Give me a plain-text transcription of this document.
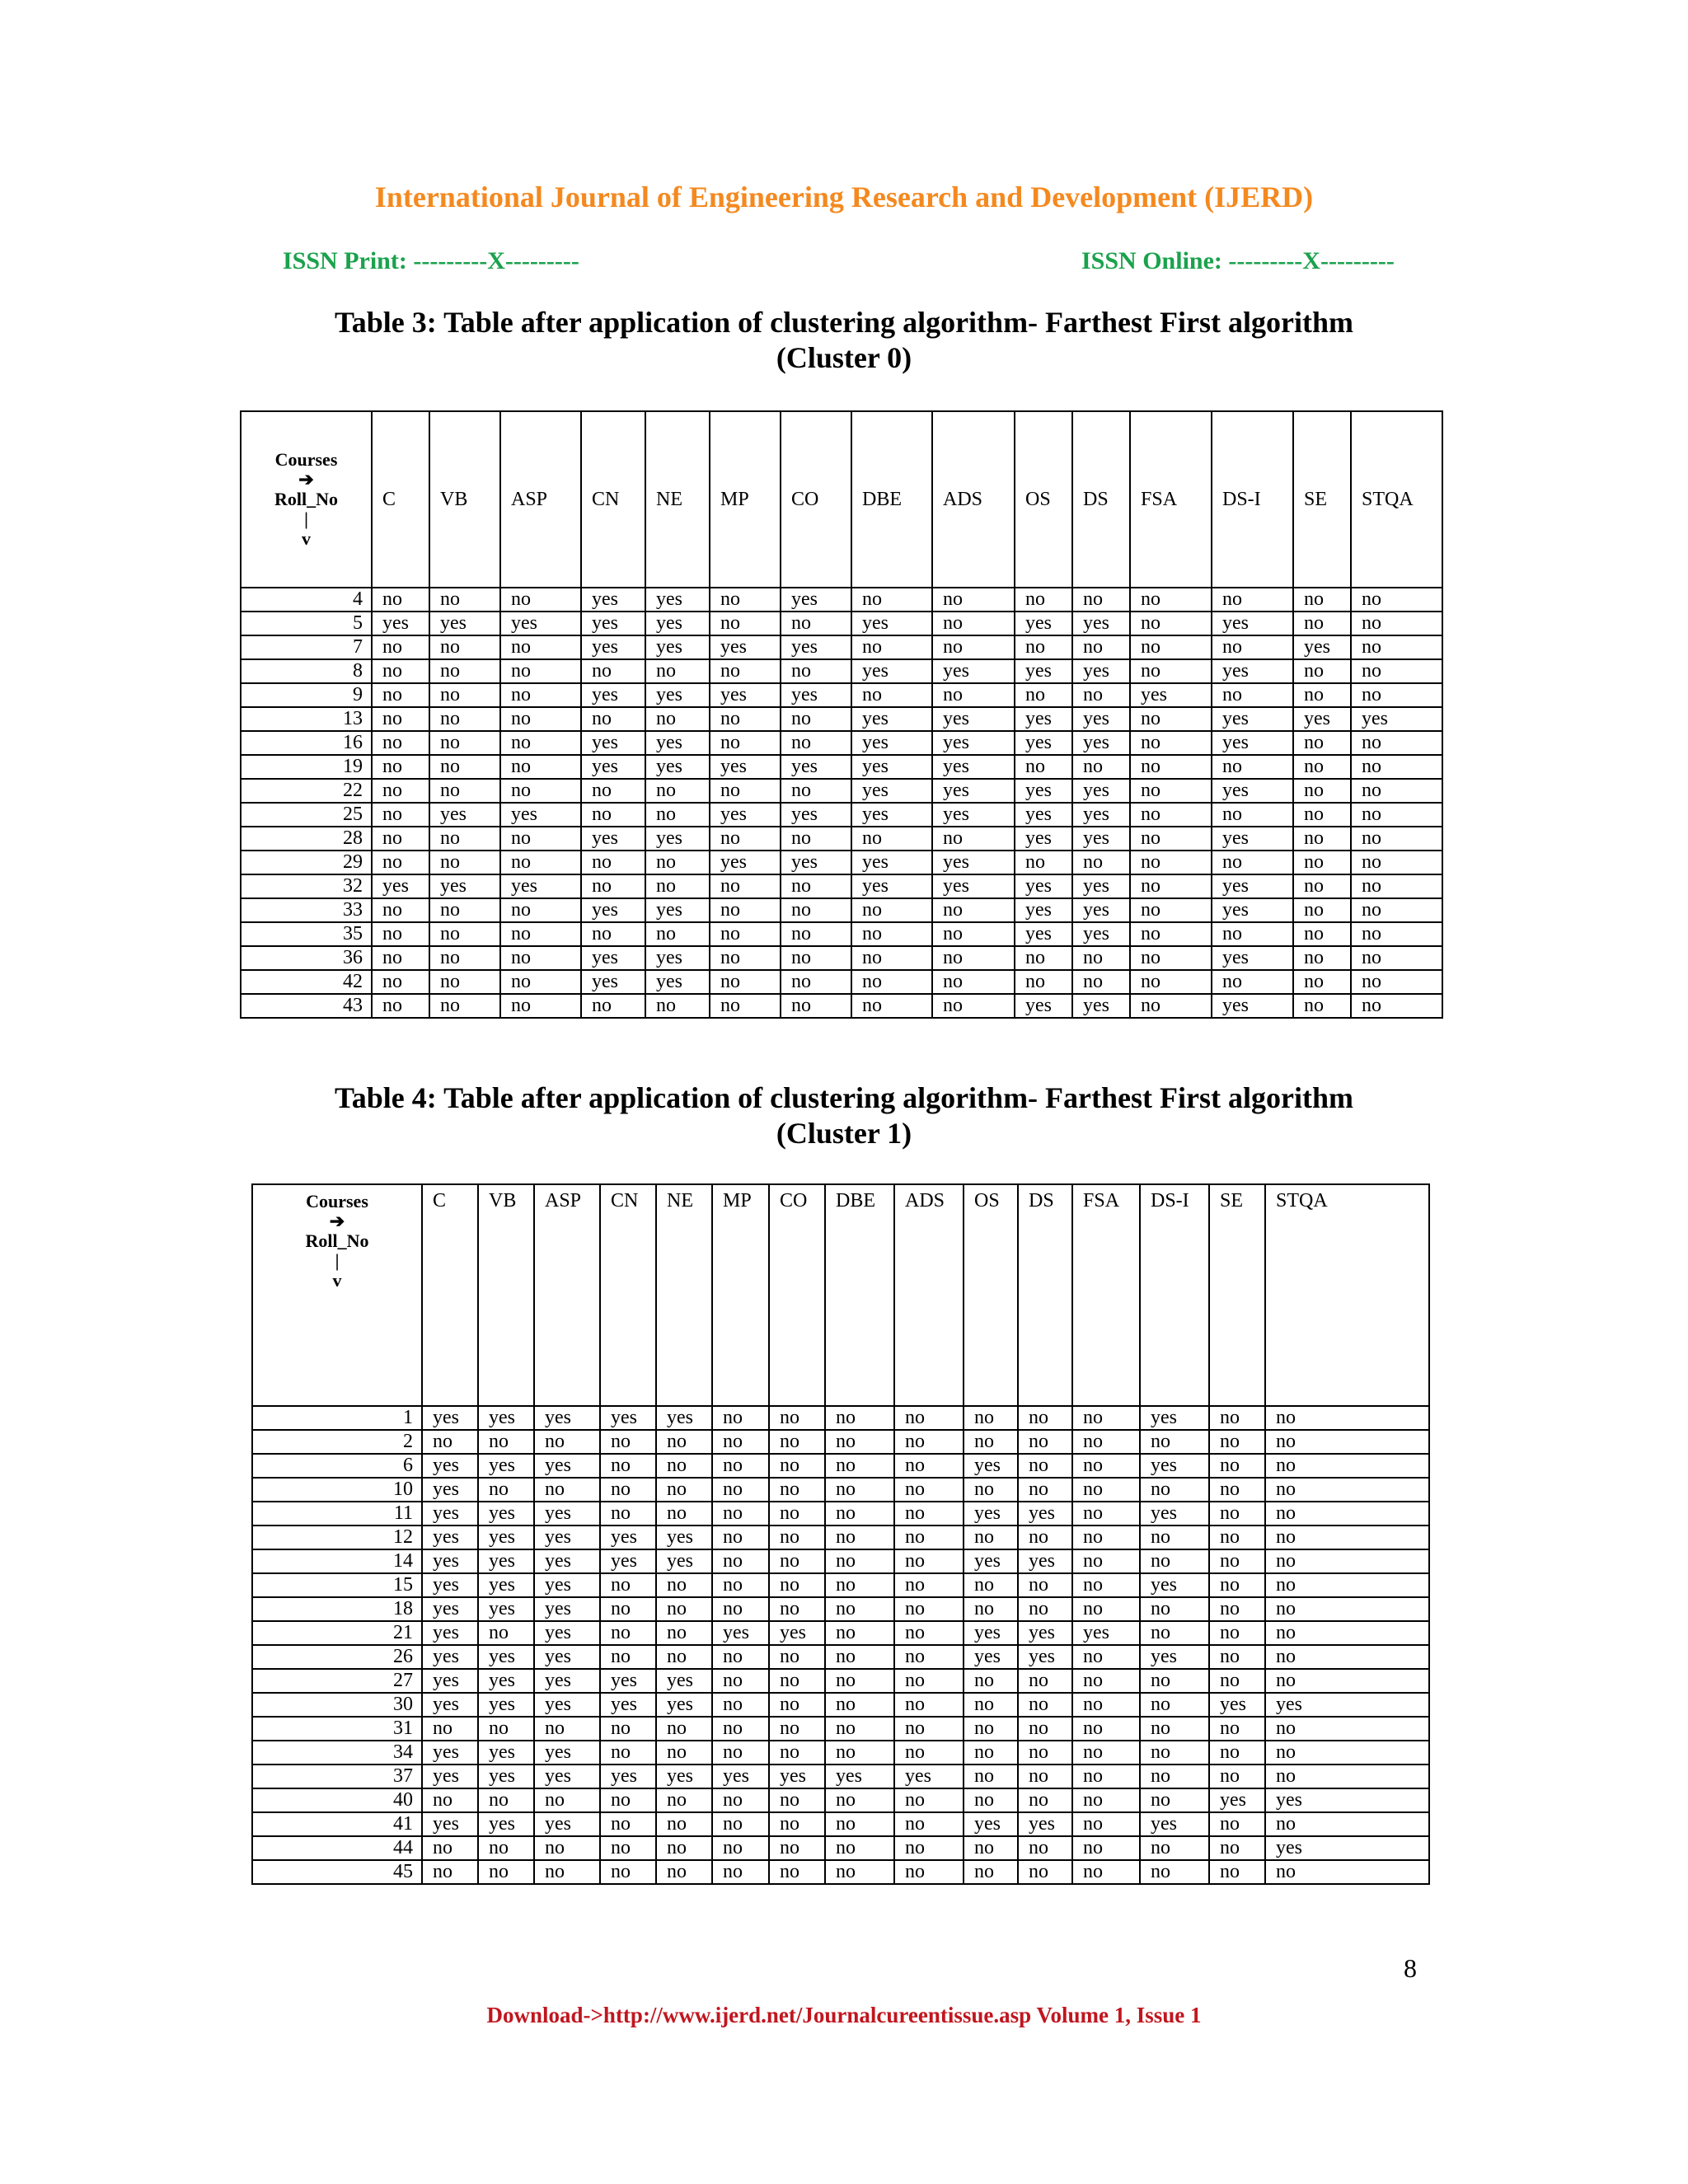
International Journal of Engineering Research and Development (IJERD)
ISSN Print: ---------X---------	ISSN Online: ---------X---------
Table 3: Table after application of clustering algorithm- Farthest First algorithm
(Cluster 0)
Courses
➔
Roll_No
|
v	C	VB	ASP	CN	NE	MP	CO	DBE	ADS	OS	DS	FSA	DS-I	SE	STQA
4	no	no	no	yes	yes	no	yes	no	no	no	no	no	no	no	no
5	yes	yes	yes	yes	yes	no	no	yes	no	yes	yes	no	yes	no	no
7	no	no	no	yes	yes	yes	yes	no	no	no	no	no	no	yes	no
8	no	no	no	no	no	no	no	yes	yes	yes	yes	no	yes	no	no
9	no	no	no	yes	yes	yes	yes	no	no	no	no	yes	no	no	no
13	no	no	no	no	no	no	no	yes	yes	yes	yes	no	yes	yes	yes
16	no	no	no	yes	yes	no	no	yes	yes	yes	yes	no	yes	no	no
19	no	no	no	yes	yes	yes	yes	yes	yes	no	no	no	no	no	no
22	no	no	no	no	no	no	no	yes	yes	yes	yes	no	yes	no	no
25	no	yes	yes	no	no	yes	yes	yes	yes	yes	yes	no	no	no	no
28	no	no	no	yes	yes	no	no	no	no	yes	yes	no	yes	no	no
29	no	no	no	no	no	yes	yes	yes	yes	no	no	no	no	no	no
32	yes	yes	yes	no	no	no	no	yes	yes	yes	yes	no	yes	no	no
33	no	no	no	yes	yes	no	no	no	no	yes	yes	no	yes	no	no
35	no	no	no	no	no	no	no	no	no	yes	yes	no	no	no	no
36	no	no	no	yes	yes	no	no	no	no	no	no	no	yes	no	no
42	no	no	no	yes	yes	no	no	no	no	no	no	no	no	no	no
43	no	no	no	no	no	no	no	no	no	yes	yes	no	yes	no	no
Table 4: Table after application of clustering algorithm- Farthest First algorithm
(Cluster 1)
Courses
➔
Roll_No
|
v	C	VB	ASP	CN	NE	MP	CO	DBE	ADS	OS	DS	FSA	DS-I	SE	STQA
1	yes	yes	yes	yes	yes	no	no	no	no	no	no	no	yes	no	no
2	no	no	no	no	no	no	no	no	no	no	no	no	no	no	no
6	yes	yes	yes	no	no	no	no	no	no	yes	no	no	yes	no	no
10	yes	no	no	no	no	no	no	no	no	no	no	no	no	no	no
11	yes	yes	yes	no	no	no	no	no	no	yes	yes	no	yes	no	no
12	yes	yes	yes	yes	yes	no	no	no	no	no	no	no	no	no	no
14	yes	yes	yes	yes	yes	no	no	no	no	yes	yes	no	no	no	no
15	yes	yes	yes	no	no	no	no	no	no	no	no	no	yes	no	no
18	yes	yes	yes	no	no	no	no	no	no	no	no	no	no	no	no
21	yes	no	yes	no	no	yes	yes	no	no	yes	yes	yes	no	no	no
26	yes	yes	yes	no	no	no	no	no	no	yes	yes	no	yes	no	no
27	yes	yes	yes	yes	yes	no	no	no	no	no	no	no	no	no	no
30	yes	yes	yes	yes	yes	no	no	no	no	no	no	no	no	yes	yes
31	no	no	no	no	no	no	no	no	no	no	no	no	no	no	no
34	yes	yes	yes	no	no	no	no	no	no	no	no	no	no	no	no
37	yes	yes	yes	yes	yes	yes	yes	yes	yes	no	no	no	no	no	no
40	no	no	no	no	no	no	no	no	no	no	no	no	no	yes	yes
41	yes	yes	yes	no	no	no	no	no	no	yes	yes	no	yes	no	no
44	no	no	no	no	no	no	no	no	no	no	no	no	no	no	yes
45	no	no	no	no	no	no	no	no	no	no	no	no	no	no	no
8
Download->http://www.ijerd.net/Journalcureentissue.asp Volume 1, Issue 1
